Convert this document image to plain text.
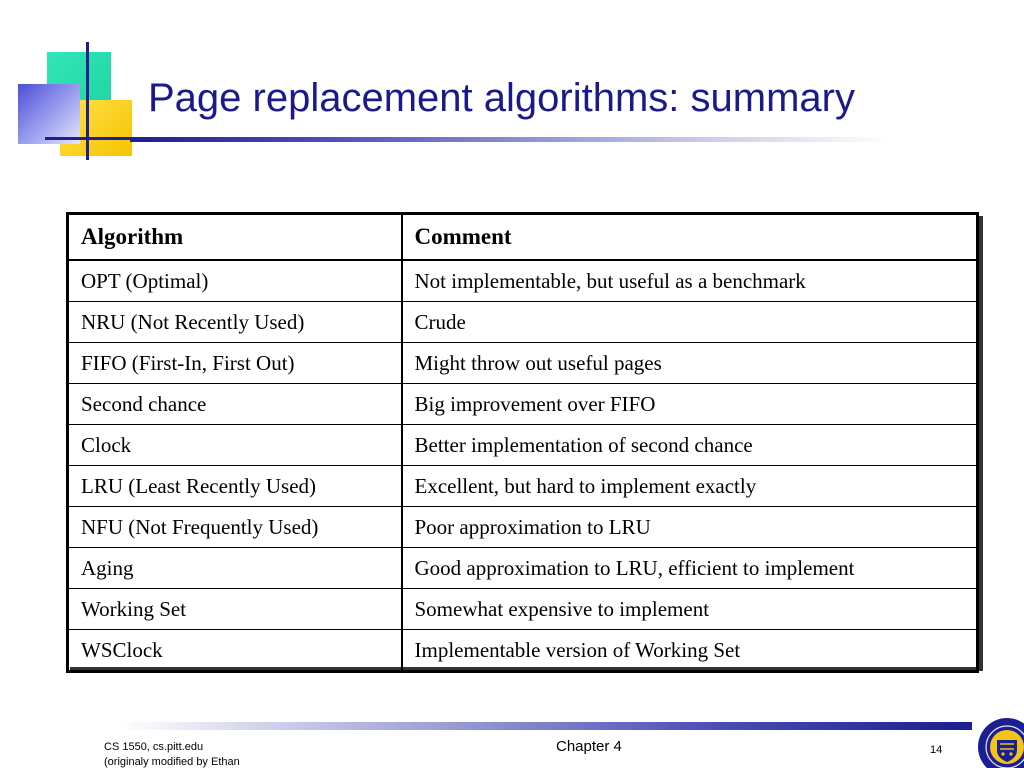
Page replacement algorithms: summary
Algorithm	Comment
OPT (Optimal)	Not implementable, but useful as a benchmark
NRU (Not Recently Used)	Crude
FIFO (First-In, First Out)	Might throw out useful pages
Second chance	Big improvement over FIFO
Clock	Better implementation of second chance
LRU (Least Recently Used)	Excellent, but hard to implement exactly
NFU (Not Frequently Used)	Poor approximation to LRU
Aging	Good approximation to LRU, efficient to implement
Working Set	Somewhat expensive to implement
WSClock	Implementable version of Working Set
CS 1550, cs.pitt.edu
(originaly modified by Ethan
Chapter 4	14
